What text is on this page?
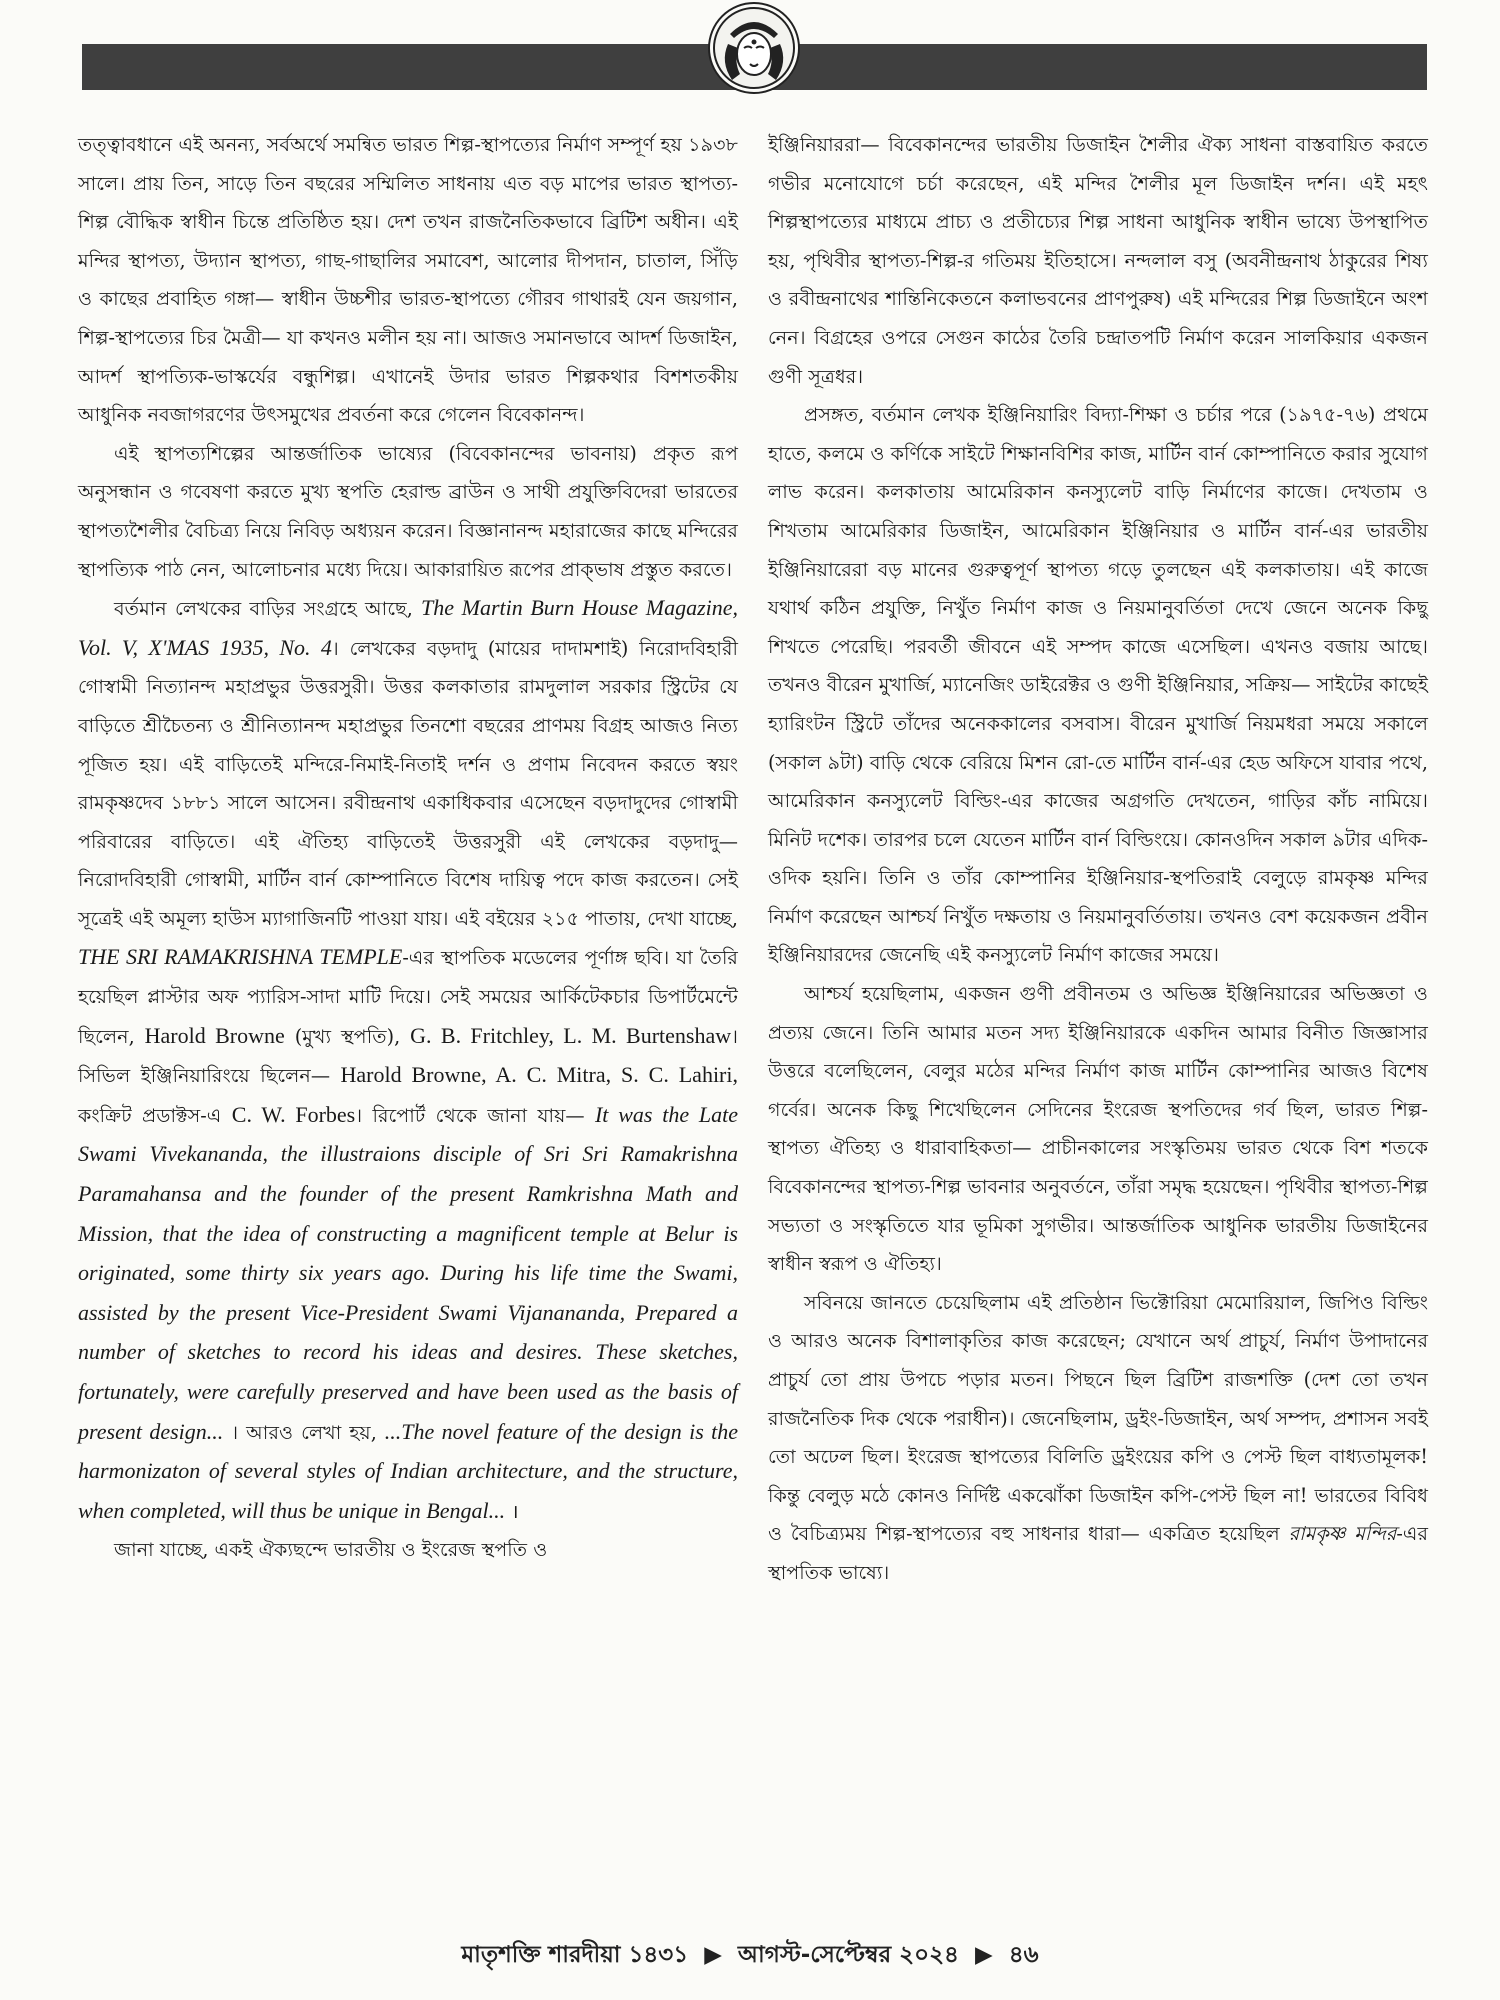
তত্ত্বাবধানে এই অনন্য, সর্বঅর্থে সমন্বিত ভারত শিল্প-স্থাপত্যের নির্মাণ সম্পূর্ণ হয় ১৯৩৮ সালে। প্রায় তিন, সাড়ে তিন বছরের সম্মিলিত সাধনায় এত বড় মাপের ভারত স্থাপত্য-শিল্প বৌদ্ধিক স্বাধীন চিন্তে প্রতিষ্ঠিত হয়। দেশ তখন রাজনৈতিকভাবে ব্রিটিশ অধীন। এই মন্দির স্থাপত্য, উদ্যান স্থাপত্য, গাছ-গাছালির সমাবেশ, আলোর দীপদান, চাতাল, সিঁড়ি ও কাছের প্রবাহিত গঙ্গা— স্বাধীন উচ্চশীর ভারত-স্থাপত্যে গৌরব গাথারই যেন জয়গান, শিল্প-স্থাপত্যের চির মৈত্রী— যা কখনও মলীন হয় না। আজও সমানভাবে আদর্শ ডিজাইন, আদর্শ স্থাপত্যিক-ভাস্কর্যের বন্ধুশিল্প। এখানেই উদার ভারত শিল্পকথার বিশশতকীয় আধুনিক নবজাগরণের উৎসমুখের প্রবর্তনা করে গেলেন বিবেকানন্দ।

এই স্থাপত্যশিল্পের আন্তর্জাতিক ভাষ্যের (বিবেকানন্দের ভাবনায়) প্রকৃত রূপ অনুসন্ধান ও গবেষণা করতে মুখ্য স্থপতি হেরাল্ড ব্রাউন ও সাথী প্রযুক্তিবিদেরা ভারতের স্থাপত্যশৈলীর বৈচিত্র্য নিয়ে নিবিড় অধ্যয়ন করেন। বিজ্ঞানানন্দ মহারাজের কাছে মন্দিরের স্থাপত্যিক পাঠ নেন, আলোচনার মধ্যে দিয়ে। আকারায়িত রূপের প্রাক্‌ভাষ প্রস্তুত করতে।

বর্তমান লেখকের বাড়ির সংগ্রহে আছে, The Martin Burn House Magazine, Vol. V, X'MAS 1935, No. 4। লেখকের বড়দাদু (মায়ের দাদামশাই) নিরোদবিহারী গোস্বামী নিত্যানন্দ মহাপ্রভুর উত্তরসুরী। উত্তর কলকাতার রামদুলাল সরকার স্ট্রিটের যে বাড়িতে শ্রীচৈতন্য ও শ্রীনিত্যানন্দ মহাপ্রভুর তিনশো বছরের প্রাণময় বিগ্রহ আজও নিত্য পূজিত হয়। এই বাড়িতেই মন্দিরে-নিমাই-নিতাই দর্শন ও প্রণাম নিবেদন করতে স্বয়ং রামকৃষ্ণদেব ১৮৮১ সালে আসেন। রবীন্দ্রনাথ একাধিকবার এসেছেন বড়দাদুদের গোস্বামী পরিবারের বাড়িতে। এই ঐতিহ্য বাড়িতেই উত্তরসুরী এই লেখকের বড়দাদু— নিরোদবিহারী গোস্বামী, মার্টিন বার্ন কোম্পানিতে বিশেষ দায়িত্ব পদে কাজ করতেন। সেই সূত্রেই এই অমূল্য হাউস ম্যাগাজিনটি পাওয়া যায়। এই বইয়ের ২১৫ পাতায়, দেখা যাচ্ছে, THE SRI RAMAKRISHNA TEMPLE-এর স্থাপতিক মডেলের পূর্ণাঙ্গ ছবি। যা তৈরি হয়েছিল প্লাস্টার অফ প্যারিস-সাদা মাটি দিয়ে। সেই সময়ের আর্কিটেকচার ডিপার্টমেন্টে ছিলেন, Harold Browne (মুখ্য স্থপতি), G. B. Fritchley, L. M. Burtenshaw। সিভিল ইঞ্জিনিয়ারিংয়ে ছিলেন— Harold Browne, A. C. Mitra, S. C. Lahiri, কংক্রিট প্রডাক্টস-এ C. W. Forbes। রিপোর্ট থেকে জানা যায়— It was the Late Swami Vivekananda, the illustraions disciple of Sri Sri Ramakrishna Paramahansa and the founder of the present Ramkrishna Math and Mission, that the idea of constructing a magnificent temple at Belur is originated, some thirty six years ago. During his life time the Swami, assisted by the present Vice-President Swami Vijanananda, Prepared a number of sketches to record his ideas and desires. These sketches, fortunately, were carefully preserved and have been used as the basis of present design... । আরও লেখা হয়, ...The novel feature of the design is the harmonizaton of several styles of Indian architecture, and the structure, when completed, will thus be unique in Bengal... ।

জানা যাচ্ছে, একই ঐক্যছন্দে ভারতীয় ও ইংরেজ স্থপতি ও

ইঞ্জিনিয়াররা— বিবেকানন্দের ভারতীয় ডিজাইন শৈলীর ঐক্য সাধনা বাস্তবায়িত করতে গভীর মনোযোগে চর্চা করেছেন, এই মন্দির শৈলীর মূল ডিজাইন দর্শন। এই মহৎ শিল্পস্থাপত্যের মাধ্যমে প্রাচ্য ও প্রতীচ্যের শিল্প সাধনা আধুনিক স্বাধীন ভাষ্যে উপস্থাপিত হয়, পৃথিবীর স্থাপত্য-শিল্প-র গতিময় ইতিহাসে। নন্দলাল বসু (অবনীন্দ্রনাথ ঠাকুরের শিষ্য ও রবীন্দ্রনাথের শান্তিনিকেতনে কলাভবনের প্রাণপুরুষ) এই মন্দিরের শিল্প ডিজাইনে অংশ নেন। বিগ্রহের ওপরে সেগুন কাঠের তৈরি চন্দ্রাতপটি নির্মাণ করেন সালকিয়ার একজন গুণী সূত্রধর।

প্রসঙ্গত, বর্তমান লেখক ইঞ্জিনিয়ারিং বিদ্যা-শিক্ষা ও চর্চার পরে (১৯৭৫-৭৬) প্রথমে হাতে, কলমে ও কর্ণিকে সাইটে শিক্ষানবিশির কাজ, মার্টিন বার্ন কোম্পানিতে করার সুযোগ লাভ করেন। কলকাতায় আমেরিকান কনস্যুলেট বাড়ি নির্মাণের কাজে। দেখতাম ও শিখতাম আমেরিকার ডিজাইন, আমেরিকান ইঞ্জিনিয়ার ও মার্টিন বার্ন-এর ভারতীয় ইঞ্জিনিয়ারেরা বড় মানের গুরুত্বপূর্ণ স্থাপত্য গড়ে তুলছেন এই কলকাতায়। এই কাজে যথার্থ কঠিন প্রযুক্তি, নিখুঁত নির্মাণ কাজ ও নিয়মানুবর্তিতা দেখে জেনে অনেক কিছু শিখতে পেরেছি। পরবর্তী জীবনে এই সম্পদ কাজে এসেছিল। এখনও বজায় আছে। তখনও বীরেন মুখার্জি, ম্যানেজিং ডাইরেক্টর ও গুণী ইঞ্জিনিয়ার, সক্রিয়— সাইটের কাছেই হ্যারিংটন স্ট্রিটে তাঁদের অনেককালের বসবাস। বীরেন মুখার্জি নিয়মধরা সময়ে সকালে (সকাল ৯টা) বাড়ি থেকে বেরিয়ে মিশন রো-তে মার্টিন বার্ন-এর হেড অফিসে যাবার পথে, আমেরিকান কনস্যুলেট বিল্ডিং-এর কাজের অগ্রগতি দেখতেন, গাড়ির কাঁচ নামিয়ে। মিনিট দশেক। তারপর চলে যেতেন মার্টিন বার্ন বিল্ডিংয়ে। কোনওদিন সকাল ৯টার এদিক-ওদিক হয়নি। তিনি ও তাঁর কোম্পানির ইঞ্জিনিয়ার-স্থপতিরাই বেলুড়ে রামকৃষ্ণ মন্দির নির্মাণ করেছেন আশ্চর্য নিখুঁত দক্ষতায় ও নিয়মানুবর্তিতায়। তখনও বেশ কয়েকজন প্রবীন ইঞ্জিনিয়ারদের জেনেছি এই কনস্যুলেট নির্মাণ কাজের সময়ে।

আশ্চর্য হয়েছিলাম, একজন গুণী প্রবীনতম ও অভিজ্ঞ ইঞ্জিনিয়ারের অভিজ্ঞতা ও প্রত্যয় জেনে। তিনি আমার মতন সদ্য ইঞ্জিনিয়ারকে একদিন আমার বিনীত জিজ্ঞাসার উত্তরে বলেছিলেন, বেলুর মঠের মন্দির নির্মাণ কাজ মার্টিন কোম্পানির আজও বিশেষ গর্বের। অনেক কিছু শিখেছিলেন সেদিনের ইংরেজ স্থপতিদের গর্ব ছিল, ভারত শিল্প-স্থাপত্য ঐতিহ্য ও ধারাবাহিকতা— প্রাচীনকালের সংস্কৃতিময় ভারত থেকে বিশ শতকে বিবেকানন্দের স্থাপত্য-শিল্প ভাবনার অনুবর্তনে, তাঁরা সমৃদ্ধ হয়েছেন। পৃথিবীর স্থাপত্য-শিল্প সভ্যতা ও সংস্কৃতিতে যার ভূমিকা সুগভীর। আন্তর্জাতিক আধুনিক ভারতীয় ডিজাইনের স্বাধীন স্বরূপ ও ঐতিহ্য।

সবিনয়ে জানতে চেয়েছিলাম এই প্রতিষ্ঠান ভিক্টোরিয়া মেমোরিয়াল, জিপিও বিল্ডিং ও আরও অনেক বিশালাকৃতির কাজ করেছেন; যেখানে অর্থ প্রাচুর্য, নির্মাণ উপাদানের প্রাচুর্য তো প্রায় উপচে পড়ার মতন। পিছনে ছিল ব্রিটিশ রাজশক্তি (দেশ তো তখন রাজনৈতিক দিক থেকে পরাধীন)। জেনেছিলাম, ড্রইং-ডিজাইন, অর্থ সম্পদ, প্রশাসন সবই তো অঢেল ছিল। ইংরেজ স্থাপত্যের বিলিতি ড্রইংয়ের কপি ও পেস্ট ছিল বাধ্যতামূলক! কিন্তু বেলুড় মঠে কোনও নির্দিষ্ট একঝোঁকা ডিজাইন কপি-পেস্ট ছিল না! ভারতের বিবিধ ও বৈচিত্র্যময় শিল্প-স্থাপত্যের বহু সাধনার ধারা— একত্রিত হয়েছিল রামকৃষ্ণ মন্দির-এর স্থাপতিক ভাষ্যে।

মাতৃশক্তি শারদীয়া ১৪৩১ ▶ আগস্ট-সেপ্টেম্বর ২০২৪ ▶ ৪৬
